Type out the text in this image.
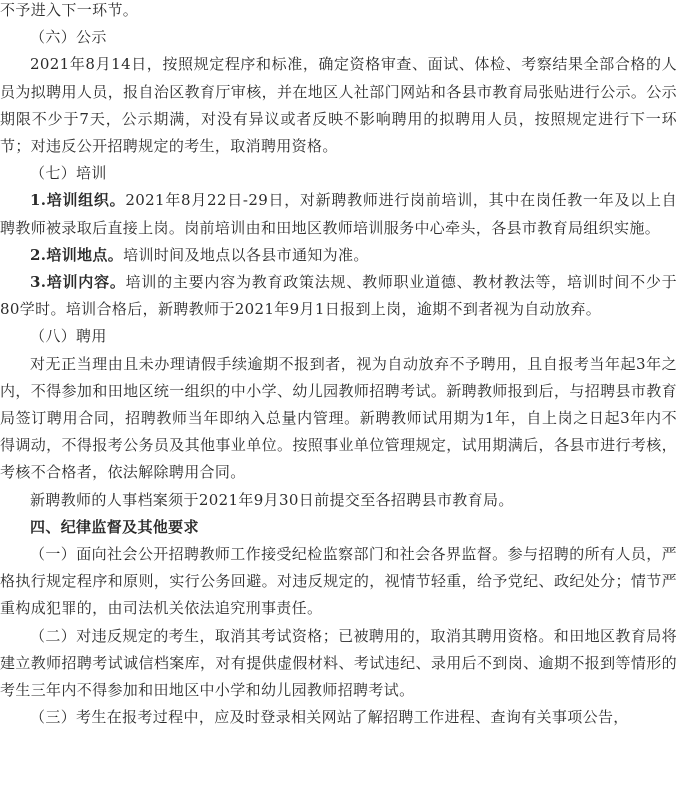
不予进入下一环节。

（六）公示

2021年8月14日，按照规定程序和标准，确定资格审查、面试、体检、考察结果全部合格的人员为拟聘用人员，报自治区教育厅审核，并在地区人社部门网站和各县市教育局张贴进行公示。公示期限不少于7天，公示期满，对没有异议或者反映不影响聘用的拟聘用人员，按照规定进行下一环节；对违反公开招聘规定的考生，取消聘用资格。

（七）培训

1.培训组织。2021年8月22日-29日，对新聘教师进行岗前培训，其中在岗任教一年及以上自聘教师被录取后直接上岗。岗前培训由和田地区教师培训服务中心牵头，各县市教育局组织实施。

2.培训地点。培训时间及地点以各县市通知为准。

3.培训内容。培训的主要内容为教育政策法规、教师职业道德、教材教法等，培训时间不少于80学时。培训合格后，新聘教师于2021年9月1日报到上岗，逾期不到者视为自动放弃。

（八）聘用

对无正当理由且未办理请假手续逾期不报到者，视为自动放弃不予聘用，且自报考当年起3年之内，不得参加和田地区统一组织的中小学、幼儿园教师招聘考试。新聘教师报到后，与招聘县市教育局签订聘用合同，招聘教师当年即纳入总量内管理。新聘教师试用期为1年，自上岗之日起3年内不得调动，不得报考公务员及其他事业单位。按照事业单位管理规定，试用期满后，各县市进行考核，考核不合格者，依法解除聘用合同。

新聘教师的人事档案须于2021年9月30日前提交至各招聘县市教育局。

四、纪律监督及其他要求

（一）面向社会公开招聘教师工作接受纪检监察部门和社会各界监督。参与招聘的所有人员，严格执行规定程序和原则，实行公务回避。对违反规定的，视情节轻重，给予党纪、政纪处分；情节严重构成犯罪的，由司法机关依法追究刑事责任。

（二）对违反规定的考生，取消其考试资格；已被聘用的，取消其聘用资格。和田地区教育局将建立教师招聘考试诚信档案库，对有提供虚假材料、考试违纪、录用后不到岗、逾期不报到等情形的考生三年内不得参加和田地区中小学和幼儿园教师招聘考试。

（三）考生在报考过程中，应及时登录相关网站了解招聘工作进程、查询有关事项公告，
